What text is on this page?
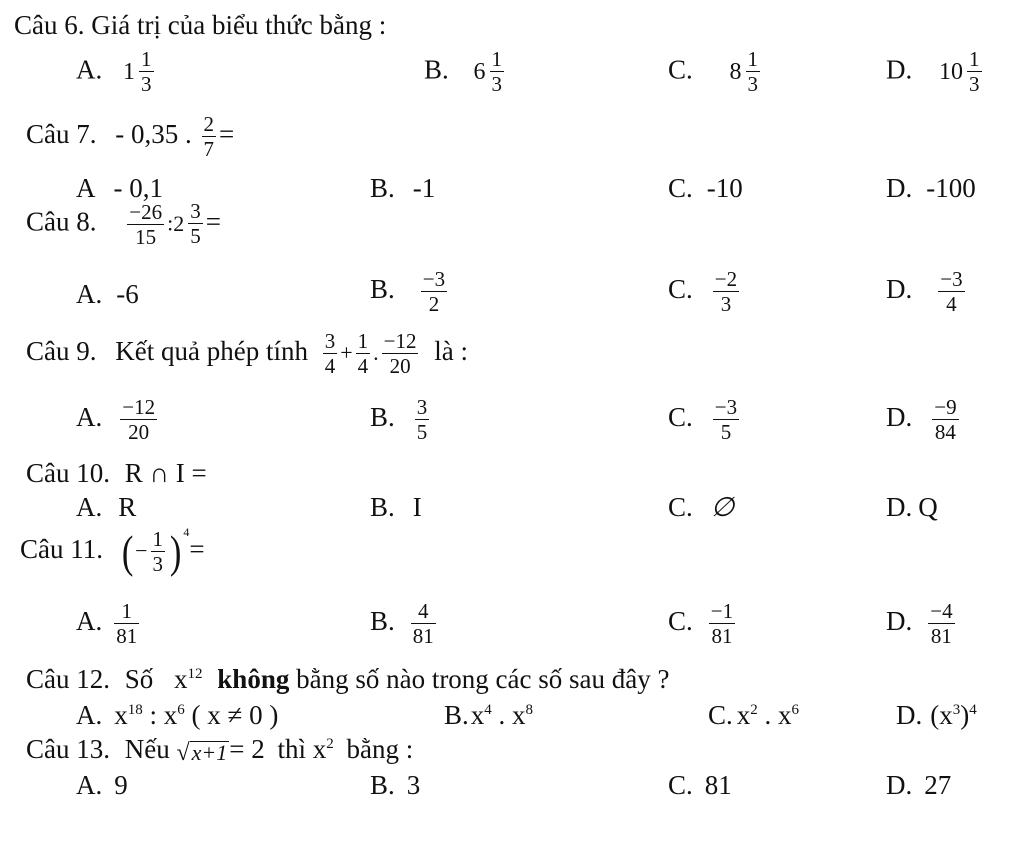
Câu 6. Giá trị của biểu thức bằng :
A. $1 \frac{1}{3}$	B. $6 \frac{1}{3}$	C. $8 \frac{1}{3}$	D. $10 \frac{1}{3}$
Câu 7. - 0,35 . $\frac{2}{7}$ =
A - 0,1	B. -1	C. -10	D. -100
Câu 8. $\frac{-26}{15}$ : $2 \frac{3}{5}$ =
A. -6	B. $\frac{-3}{2}$	C. $\frac{-2}{3}$	D. $\frac{-3}{4}$
Câu 9. Kết quả phép tính $\frac{3}{4} + \frac{1}{4}$ . $\frac{-12}{20}$ là :
A. $\frac{-12}{20}$	B. $\frac{3}{5}$	C. $\frac{-3}{5}$	D. $\frac{-9}{84}$
Câu 10. R ∩ I =
A. R	B. I	C. ∅	D. Q
Câu 11. (− $\frac{1}{3}$ ) $^4$=
A. $\frac{1}{81}$	B. $\frac{4}{81}$	C. $\frac{-1}{81}$	D. $\frac{-4}{81}$
Câu 12. Số $x^{12}$ không bằng số nào trong các số sau đây ?
A. $x^{18}$ : $x^6$ ( x ≠ 0 )	$B.x^4$ . $x^8$	C. $x^2$ . $x^6$	D. $(x^3)^4$
Câu 13. Nếu √x+1= 2 thì $x^2$ bằng :
A. 9	B. 3	C. 81	D. 27
